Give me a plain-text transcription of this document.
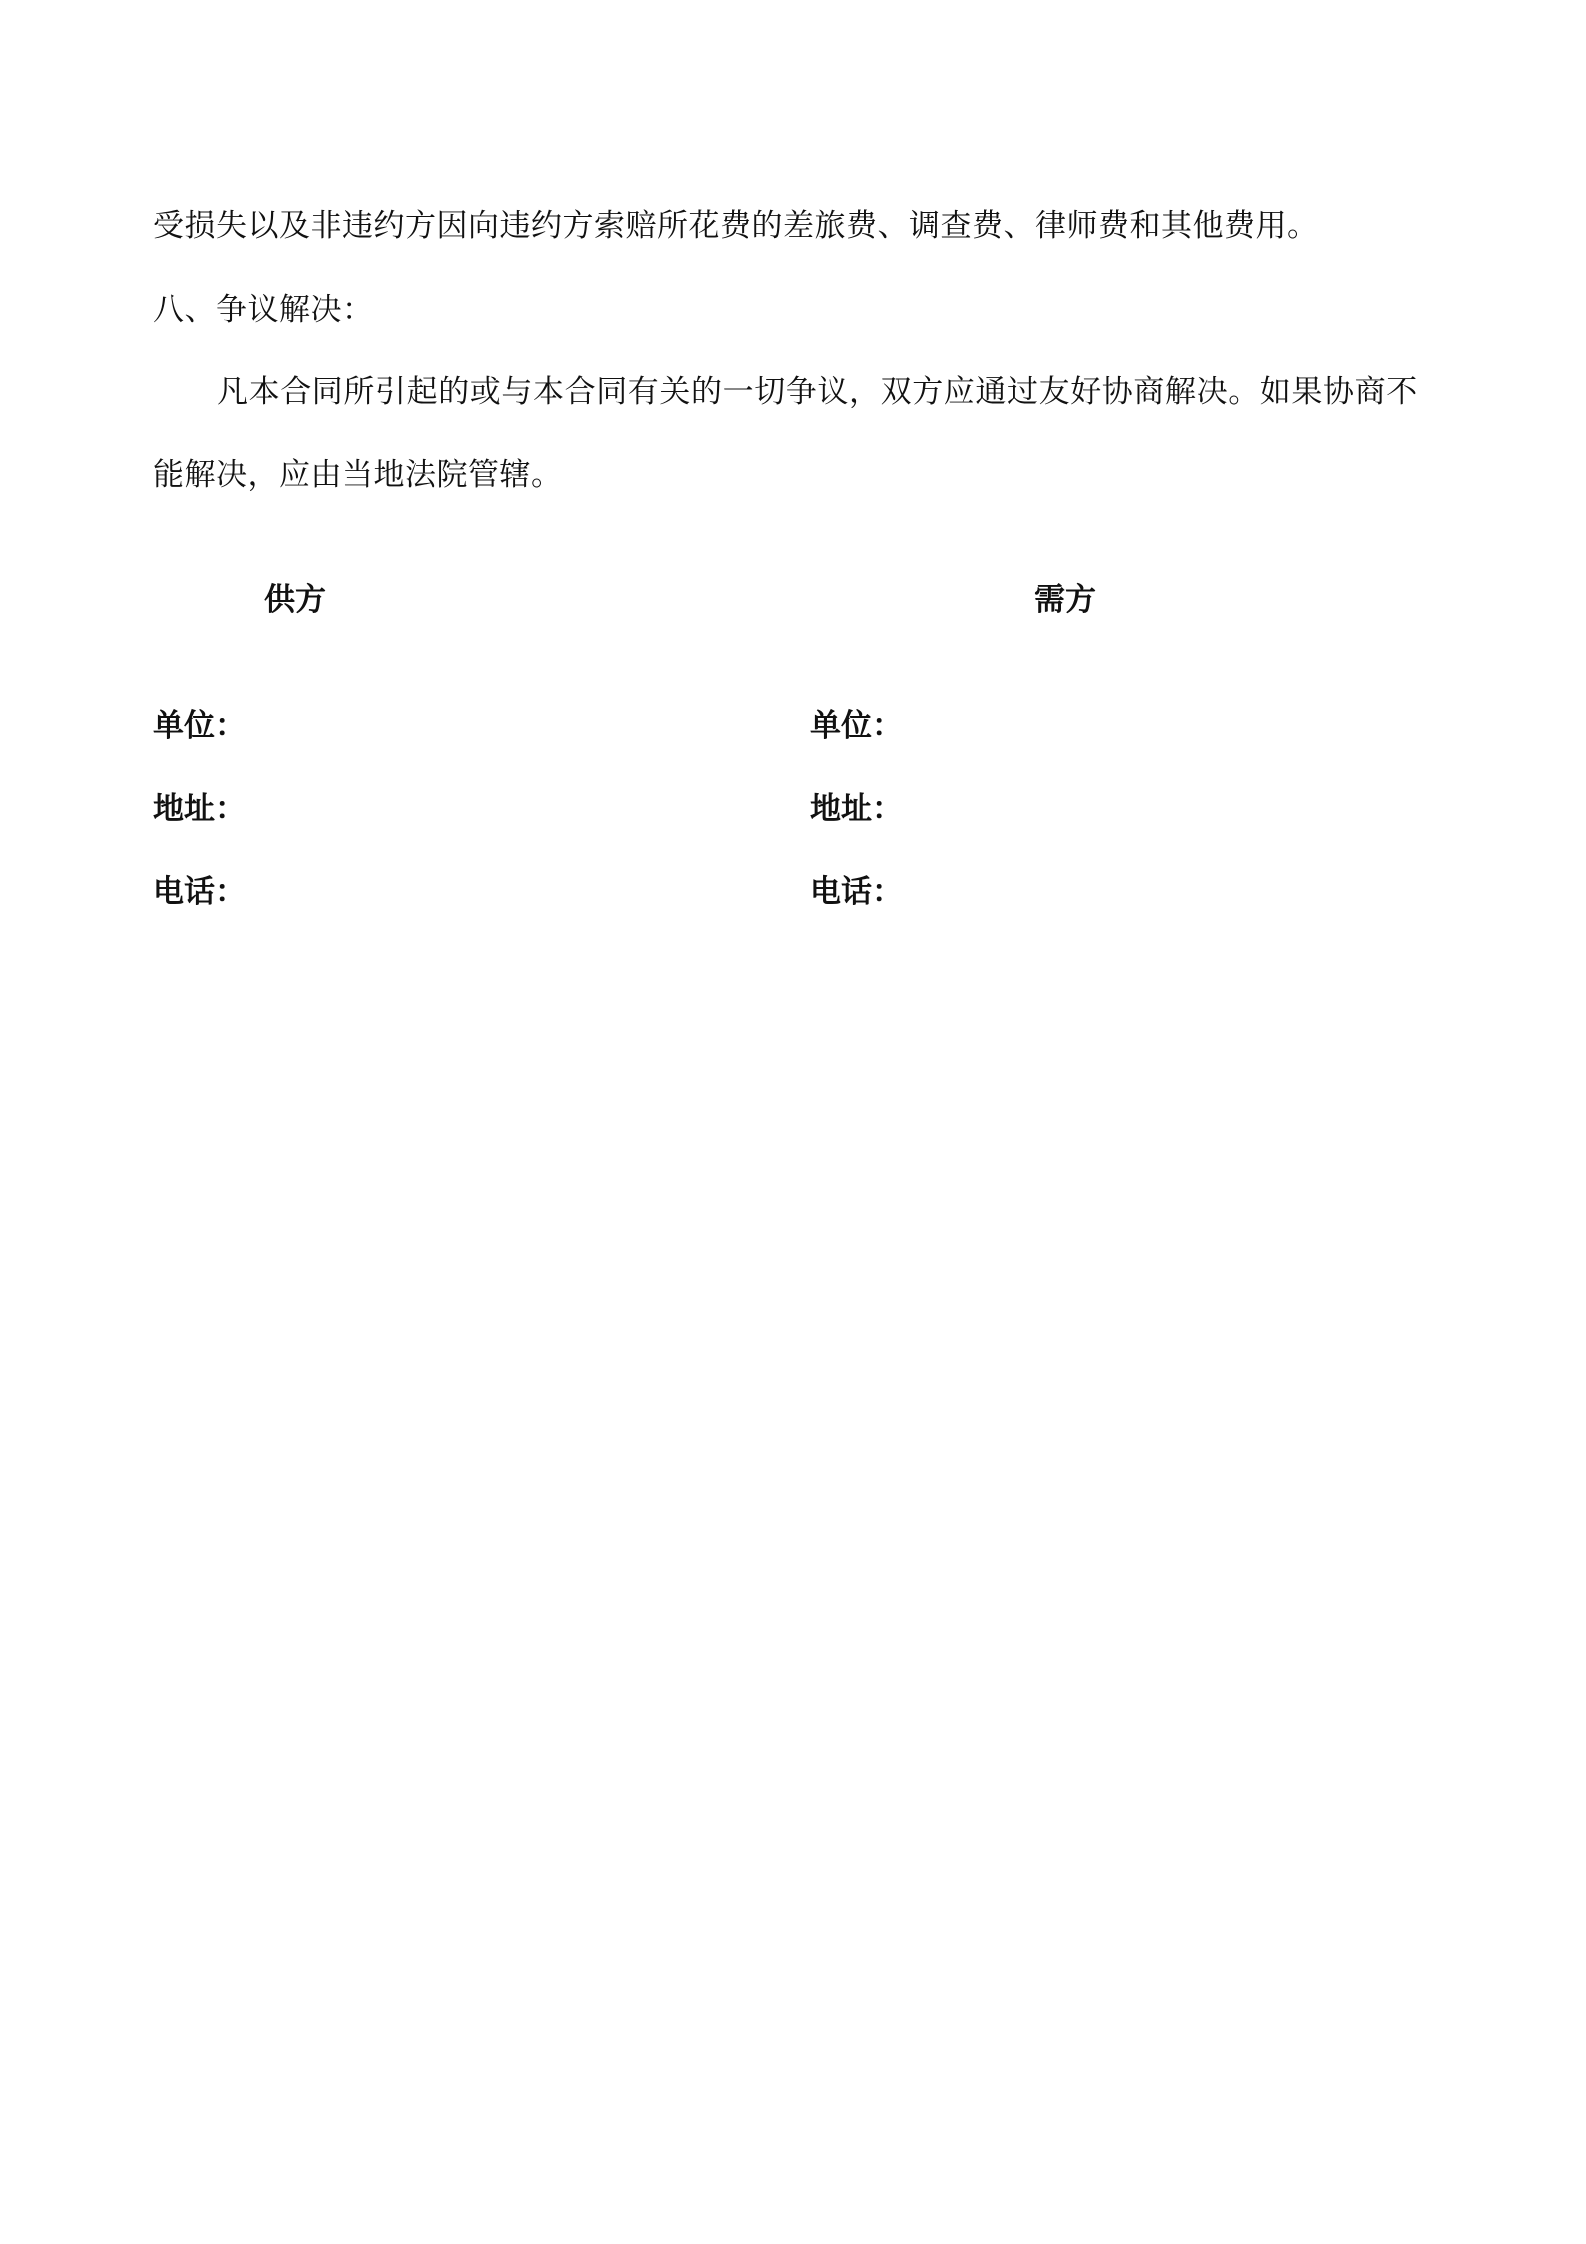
受损失以及非违约方因向违约方索赔所花费的差旅费、调查费、律师费和其他费用。
八、争议解决：
凡本合同所引起的或与本合同有关的一切争议，双方应通过友好协商解决。如果协商不
能解决，应由当地法院管辖。
供方	需方
单位：
地址：
电话：
单位：
地址：
电话：
